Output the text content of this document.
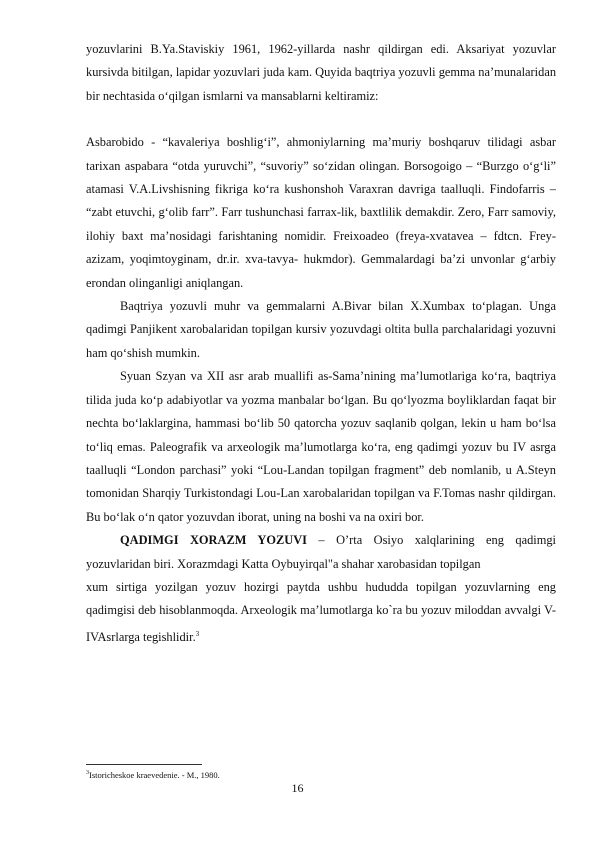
yozuvlarini B.Ya.Staviskiy 1961, 1962-yillarda nashr qildirgan edi. Aksariyat yozuvlar kursivda bitilgan, lapidar yozuvlari juda kam. Quyida baqtriya yozuvli gemma na’munalaridan bir nechtasida o‘qilgan ismlarni va mansablarni keltiramiz:

Asbarobido - “kavaleriya boshlig‘i”, ahmoniylarning ma’muriy boshqaruv tilidagi asbar tarixan aspabara “otda yuruvchi”, “suvoriy” so‘zidan olingan. Borsogoigo – “Burzgo o‘g‘li” atamasi V.A.Livshisning fikriga ko‘ra kushonshoh Varaxran davriga taalluqli. Findofarris – “zabt etuvchi, g‘olib farr”. Farr tushunchasi farrax-lik, baxtlilik demakdir. Zero, Farr samoviy, ilohiy baxt ma’nosidagi farishtaning nomidir. Freixoadeo (freya-xvatavea – fdtcn. Frey- azizam, yoqimtoyginam, dr.ir. xva-tavya- hukmdor). Gemmalardagi ba’zi unvonlar g‘arbiy erondan olinganligi aniqlangan.

Baqtriya yozuvli muhr va gemmalarni A.Bivar bilan X.Xumbax to‘plagan. Unga qadimgi Panjikent xarobalaridan topilgan kursiv yozuvdagi oltita bulla parchalaridagi yozuvni ham qo‘shish mumkin.

Syuan Szyan va XII asr arab muallifi as-Sama’nining ma’lumotlariga ko‘ra, baqtriya tilida juda ko‘p adabiyotlar va yozma manbalar bo‘lgan. Bu qo‘lyozma boyliklardan faqat bir nechta bo‘laklargina, hammasi bo‘lib 50 qatorcha yozuv saqlanib qolgan, lekin u ham bo‘lsa to‘liq emas. Paleografik va arxeologik ma’lumotlarga ko‘ra, eng qadimgi yozuv bu IV asrga taalluqli “London parchasi” yoki “Lou-Landan topilgan fragment” deb nomlanib, u A.Steyn tomonidan Sharqiy Turkistondagi Lou-Lan xarobalaridan topilgan va F.Tomas nashr qildirgan. Bu bo‘lak o‘n qator yozuvdan iborat, uning na boshi va na oxiri bor.

QADIMGI XORAZM YOZUVI – O’rta Osiyo xalqlarining eng qadimgi
yozuvlaridan biri. Xorazmdagi Katta Oybuyirqal"a shahar xarobasidan topilgan
xum sirtiga yozilgan yozuv hozirgi paytda ushbu hududda topilgan yozuvlarning eng qadimgisi deb hisoblanmoqda. Arxeologik ma’lumotlarga ko`ra bu yozuv miloddan avvalgi V-IVAsrlarga tegishlidir.$^3$

$^3$Istoricheskoe kraevedenie. - M., 1980.
16
